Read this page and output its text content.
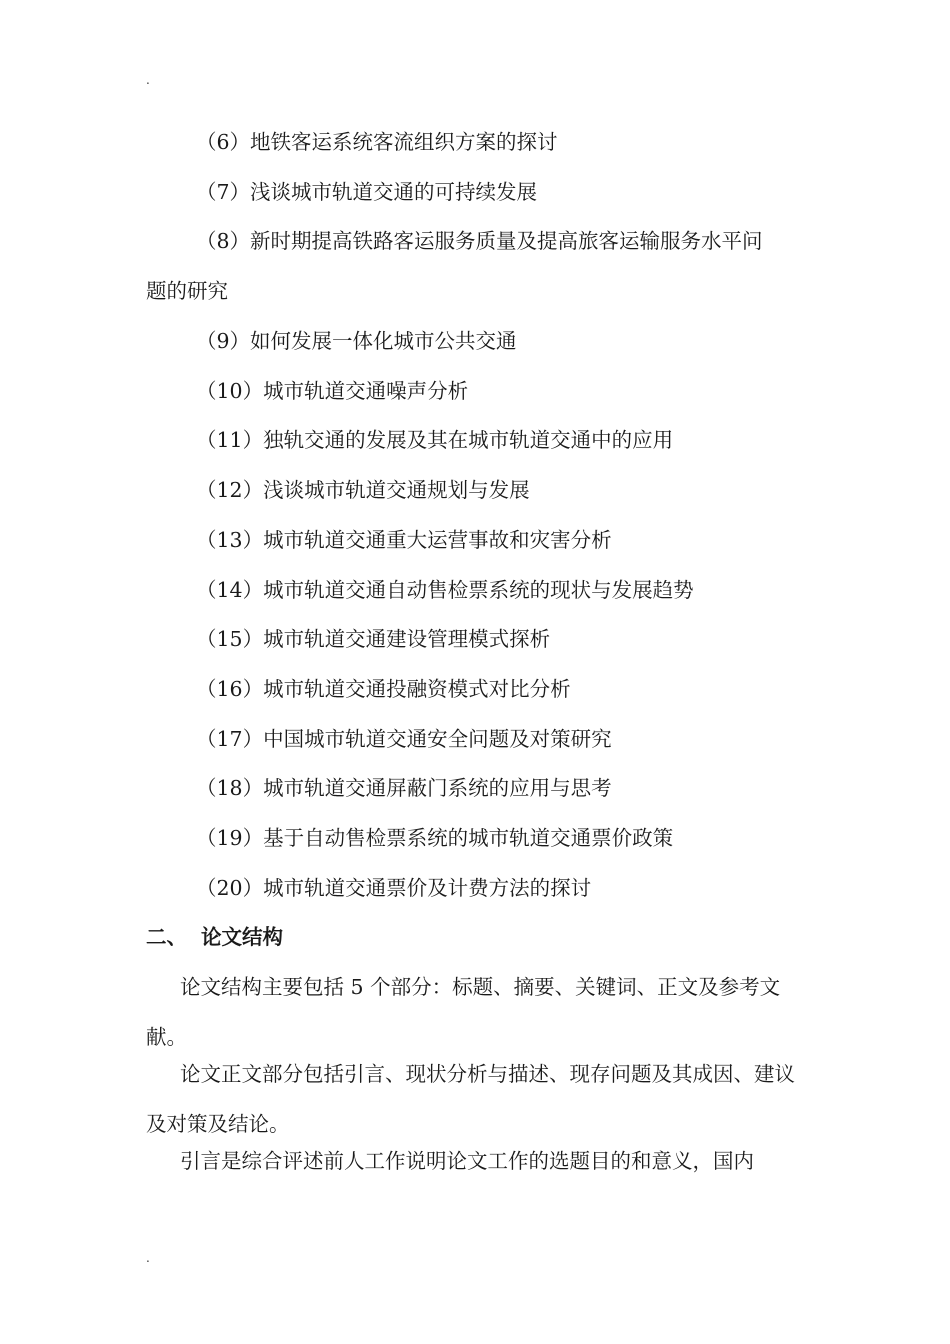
.
（6）地铁客运系统客流组织方案的探讨
（7）浅谈城市轨道交通的可持续发展
（8）新时期提高铁路客运服务质量及提高旅客运输服务水平问
题的研究
（9）如何发展一体化城市公共交通
（10）城市轨道交通噪声分析
（11）独轨交通的发展及其在城市轨道交通中的应用
（12）浅谈城市轨道交通规划与发展
（13）城市轨道交通重大运营事故和灾害分析
（14）城市轨道交通自动售检票系统的现状与发展趋势
（15）城市轨道交通建设管理模式探析
（16）城市轨道交通投融资模式对比分析
（17）中国城市轨道交通安全问题及对策研究
（18）城市轨道交通屏蔽门系统的应用与思考
（19）基于自动售检票系统的城市轨道交通票价政策
（20）城市轨道交通票价及计费方法的探讨
二、 论文结构

论文结构主要包括 5 个部分：标题、摘要、关键词、正文及参考文献。

论文正文部分包括引言、现状分析与描述、现存问题及其成因、建议及对策及结论。

引言是综合评述前人工作说明论文工作的选题目的和意义，国内

.
